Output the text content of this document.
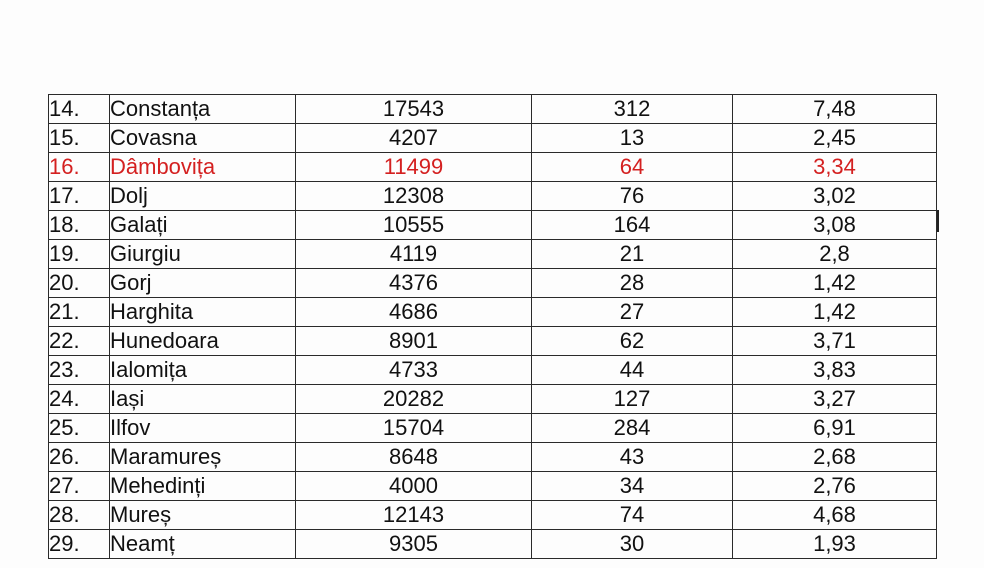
14.	Constanța	17543	312	7,48
15.	Covasna	4207	13	2,45
16.	Dâmbovița	11499	64	3,34
17.	Dolj	12308	76	3,02
18.	Galați	10555	164	3,08
19.	Giurgiu	4119	21	2,8
20.	Gorj	4376	28	1,42
21.	Harghita	4686	27	1,42
22.	Hunedoara	8901	62	3,71
23.	Ialomița	4733	44	3,83
24.	Iași	20282	127	3,27
25.	Ilfov	15704	284	6,91
26.	Maramureș	8648	43	2,68
27.	Mehedinți	4000	34	2,76
28.	Mureș	12143	74	4,68
29.	Neamț	9305	30	1,93
